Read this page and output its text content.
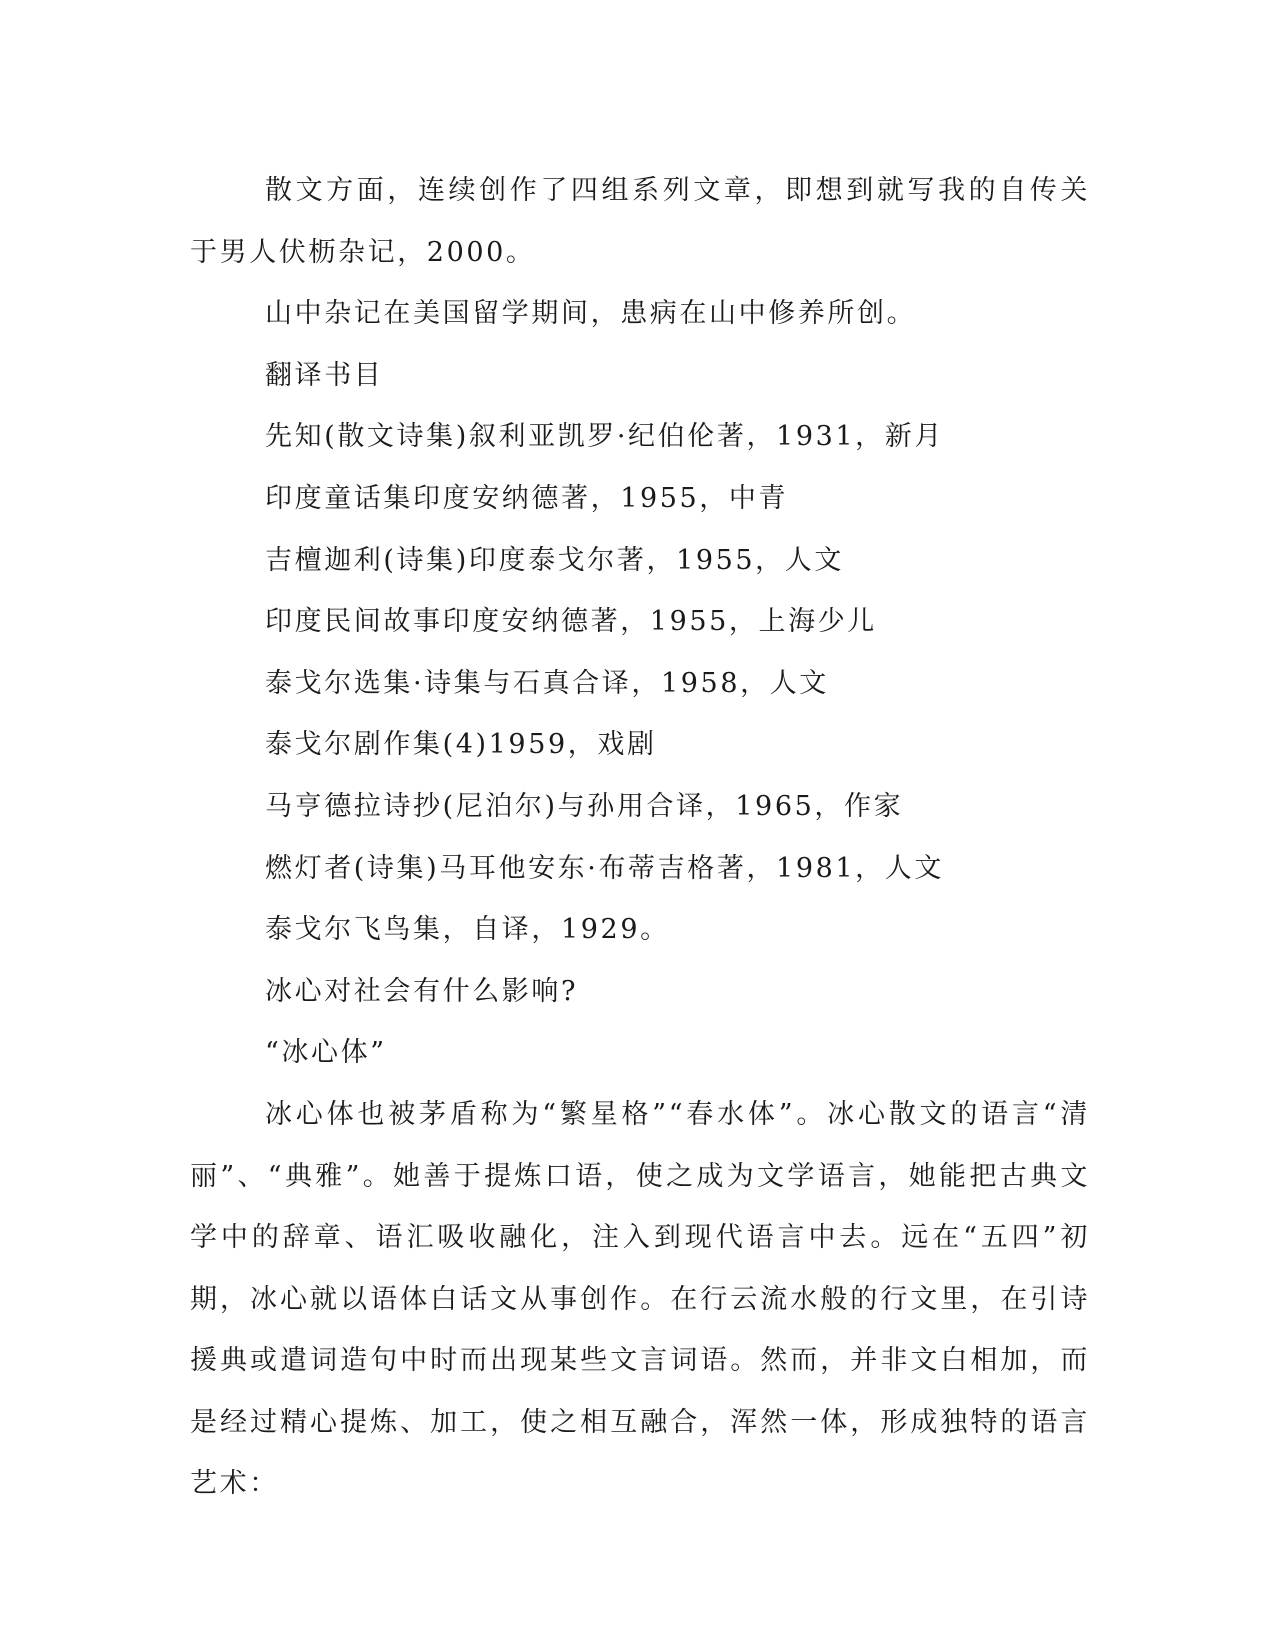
散文方面，连续创作了四组系列文章，即想到就写我的自传关于男人伏枥杂记，2000。

山中杂记在美国留学期间，患病在山中修养所创。

翻译书目

先知(散文诗集)叙利亚凯罗·纪伯伦著，1931，新月

印度童话集印度安纳德著，1955，中青

吉檀迦利(诗集)印度泰戈尔著，1955，人文

印度民间故事印度安纳德著，1955，上海少儿

泰戈尔选集·诗集与石真合译，1958，人文

泰戈尔剧作集(4)1959，戏剧

马亨德拉诗抄(尼泊尔)与孙用合译，1965，作家

燃灯者(诗集)马耳他安东·布蒂吉格著，1981，人文

泰戈尔飞鸟集，自译，1929。

冰心对社会有什么影响?

“冰心体”

冰心体也被茅盾称为“繁星格”“春水体”。冰心散文的语言“清丽”、“典雅”。她善于提炼口语，使之成为文学语言，她能把古典文学中的辞章、语汇吸收融化，注入到现代语言中去。远在“五四”初期，冰心就以语体白话文从事创作。在行云流水般的行文里，在引诗援典或遣词造句中时而出现某些文言词语。然而，并非文白相加，而是经过精心提炼、加工，使之相互融合，浑然一体，形成独特的语言艺术：
